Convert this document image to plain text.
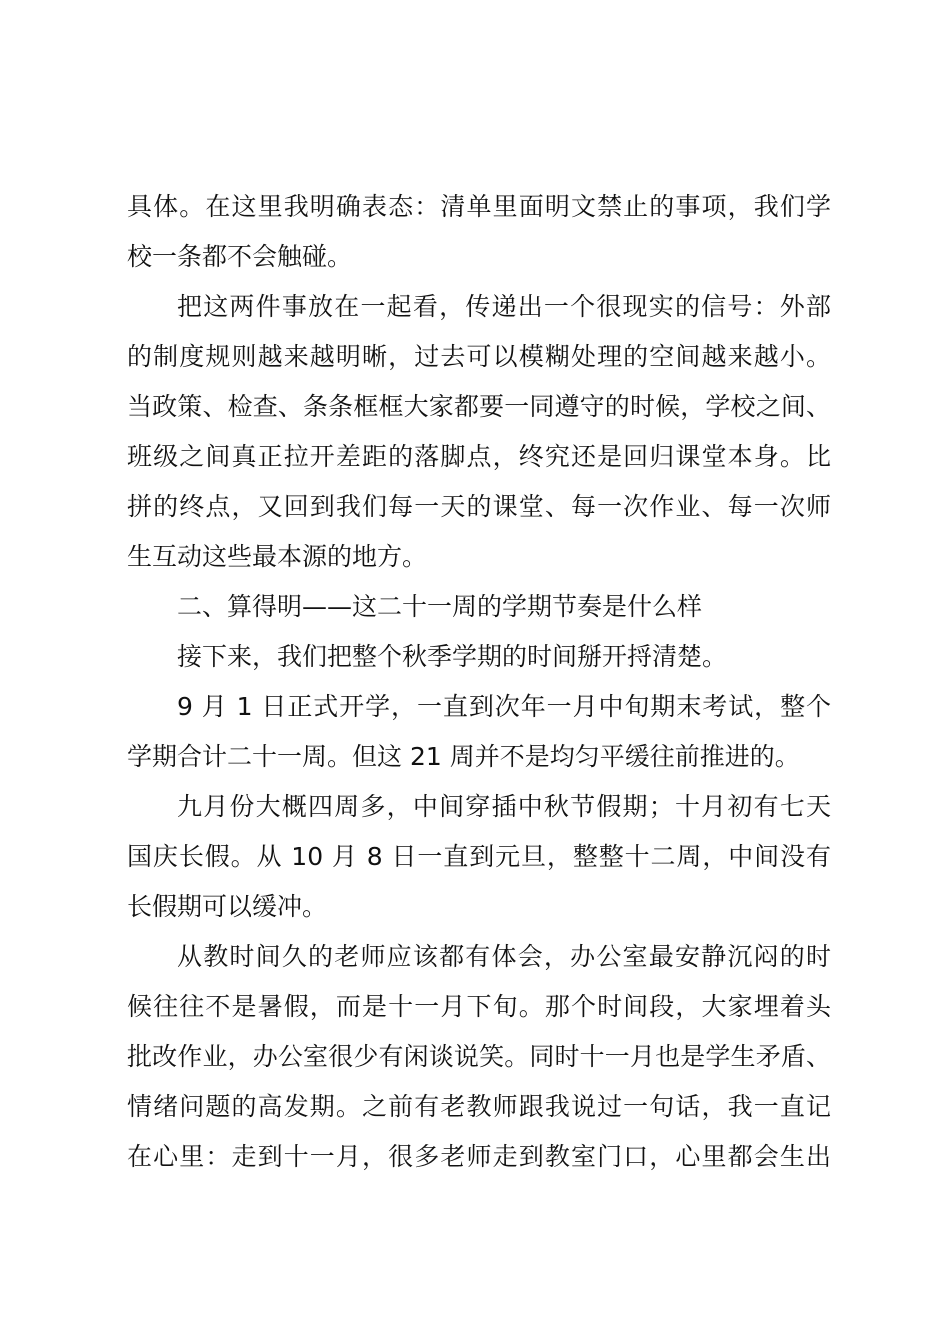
具体。在这里我明确表态：清单里面明文禁止的事项，我们学
校一条都不会触碰。

把这两件事放在一起看，传递出一个很现实的信号：外部
的制度规则越来越明晰，过去可以模糊处理的空间越来越小。
当政策、检查、条条框框大家都要一同遵守的时候，学校之间、
班级之间真正拉开差距的落脚点，终究还是回归课堂本身。比
拼的终点，又回到我们每一天的课堂、每一次作业、每一次师
生互动这些最本源的地方。

二、算得明——这二十一周的学期节奏是什么样

接下来，我们把整个秋季学期的时间掰开捋清楚。

9 月 1 日正式开学，一直到次年一月中旬期末考试，整个
学期合计二十一周。但这 21 周并不是均匀平缓往前推进的。

九月份大概四周多，中间穿插中秋节假期；十月初有七天
国庆长假。从 10 月 8 日一直到元旦，整整十二周，中间没有
长假期可以缓冲。

从教时间久的老师应该都有体会，办公室最安静沉闷的时
候往往不是暑假，而是十一月下旬。那个时间段，大家埋着头
批改作业，办公室很少有闲谈说笑。同时十一月也是学生矛盾、
情绪问题的高发期。之前有老教师跟我说过一句话，我一直记
在心里：走到十一月，很多老师走到教室门口，心里都会生出
